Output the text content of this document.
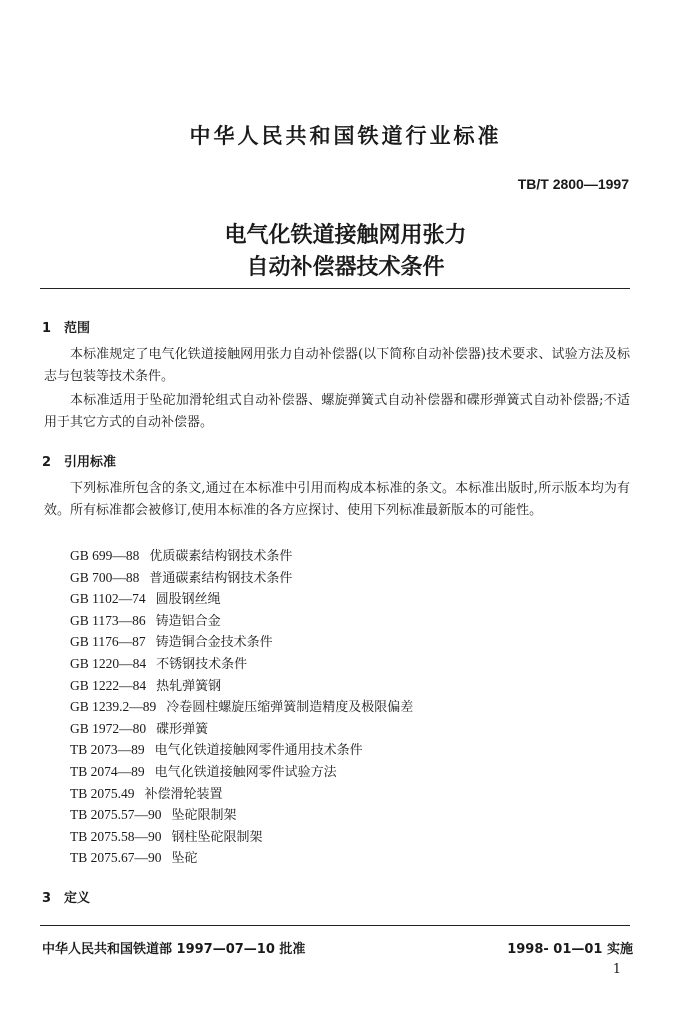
中华人民共和国铁道行业标准
TB/T 2800—1997
电气化铁道接触网用张力
自动补偿器技术条件
1 范围
本标准规定了电气化铁道接触网用张力自动补偿器(以下简称自动补偿器)技术要求、试验方法及标志与包装等技术条件。
本标准适用于坠砣加滑轮组式自动补偿器、螺旋弹簧式自动补偿器和碟形弹簧式自动补偿器;不适用于其它方式的自动补偿器。
2 引用标准
下列标准所包含的条文,通过在本标准中引用而构成本标准的条文。本标准出版时,所示版本均为有效。所有标准都会被修订,使用本标准的各方应探讨、使用下列标准最新版本的可能性。
GB 699—88 优质碳素结构钢技术条件
GB 700—88 普通碳素结构钢技术条件
GB 1102—74 圆股钢丝绳
GB 1173—86 铸造铝合金
GB 1176—87 铸造铜合金技术条件
GB 1220—84 不锈钢技术条件
GB 1222—84 热轧弹簧钢
GB 1239.2—89 冷卷圆柱螺旋压缩弹簧制造精度及极限偏差
GB 1972—80 碟形弹簧
TB 2073—89 电气化铁道接触网零件通用技术条件
TB 2074—89 电气化铁道接触网零件试验方法
TB 2075.49 补偿滑轮装置
TB 2075.57—90 坠砣限制架
TB 2075.58—90 钢柱坠砣限制架
TB 2075.67—90 坠砣
3 定义
中华人民共和国铁道部 1997—07—10 批准	1998- 01—01 实施
1
